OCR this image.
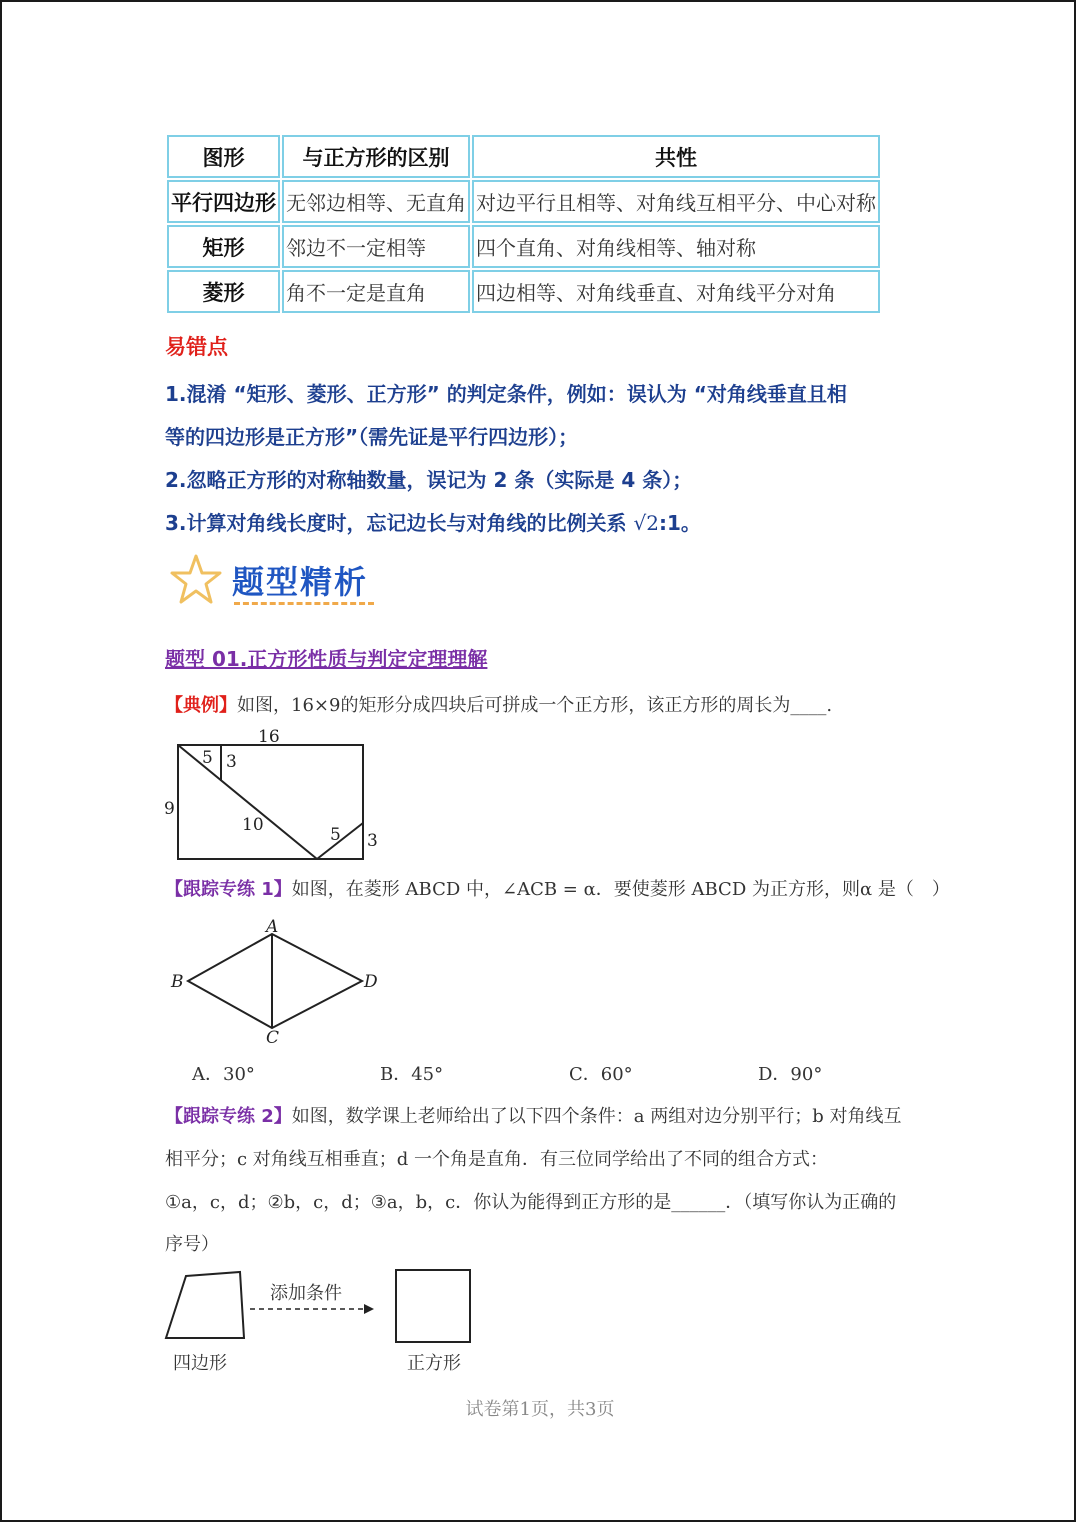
图形	与正方形的区别	共性
平行四边形	无邻边相等、无直角	对边平行且相等、对角线互相平分、中心对称
矩形	邻边不一定相等	四个直角、对角线相等、轴对称
菱形	角不一定是直角	四边相等、对角线垂直、对角线平分对角
易错点
1.混淆 “矩形、菱形、正方形” 的判定条件，例如：误认为 “对角线垂直且相
等的四边形是正方形”（需先证是平行四边形）；
2.忽略正方形的对称轴数量，误记为 2 条（实际是 4 条）；
3.计算对角线长度时，忘记边长与对角线的比例关系 √2:1。
题型精析
题型 01.正方形性质与判定定理理解
【典例】如图，16×9的矩形分成四块后可拼成一个正方形，该正方形的周长为____.
16
9
5 3
10	5 3
【跟踪专练 1】如图，在菱形 ABCD 中，∠ACB = α．要使菱形 ABCD 为正方形，则α 是（　）
A
B
C
D
A．30°	B．45°	C．60°	D．90°
【跟踪专练 2】如图，数学课上老师给出了以下四个条件：a 两组对边分别平行；b 对角线互
相平分；c 对角线互相垂直；d 一个角是直角．有三位同学给出了不同的组合方式：
①a，c，d；②b，c，d；③a，b，c．你认为能得到正方形的是______．（填写你认为正确的
序号）
添加条件
四边形	正方形
试卷第1页，共3页
